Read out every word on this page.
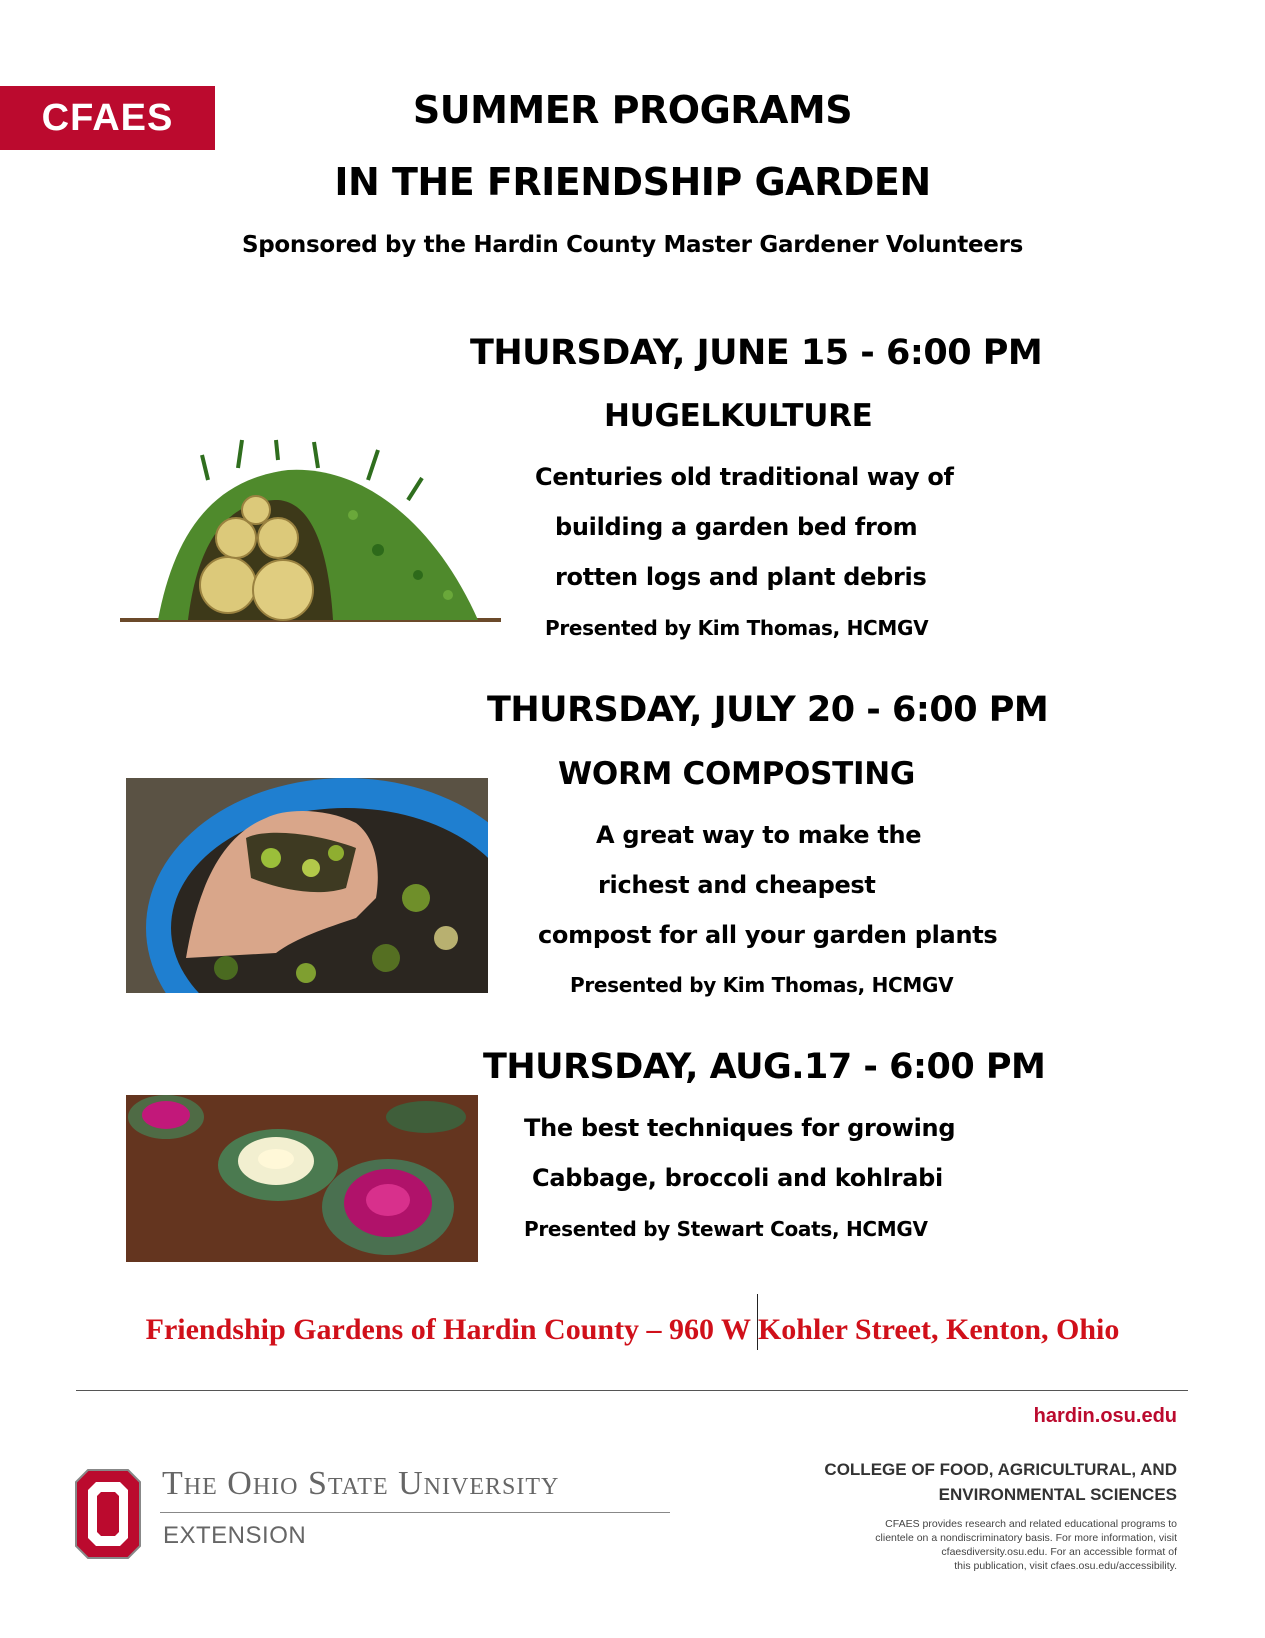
CFAES	SUMMER PROGRAMS
IN THE FRIENDSHIP GARDEN
Sponsored by the Hardin County Master Gardener Volunteers
THURSDAY, JUNE 15 - 6:00 PM
HUGELKULTURE
Centuries old traditional way of
building a garden bed from
rotten logs and plant debris
Presented by Kim Thomas, HCMGV
THURSDAY, JULY 20 - 6:00 PM
WORM COMPOSTING
A great way to make the
richest and cheapest
compost for all your garden plants
Presented by Kim Thomas, HCMGV
THURSDAY, AUG.17 - 6:00 PM
The best techniques for growing
Cabbage, broccoli and kohlrabi
Presented by Stewart Coats, HCMGV
Friendship Gardens of Hardin County – 960 W Kohler Street, Kenton, Ohio
The Ohio State University
EXTENSION
hardin.osu.edu
COLLEGE OF FOOD, AGRICULTURAL, AND
ENVIRONMENTAL SCIENCES
CFAES provides research and related educational programs to
clientele on a nondiscriminatory basis. For more information, visit
cfaesdiversity.osu.edu. For an accessible format of
this publication, visit cfaes.osu.edu/accessibility.
